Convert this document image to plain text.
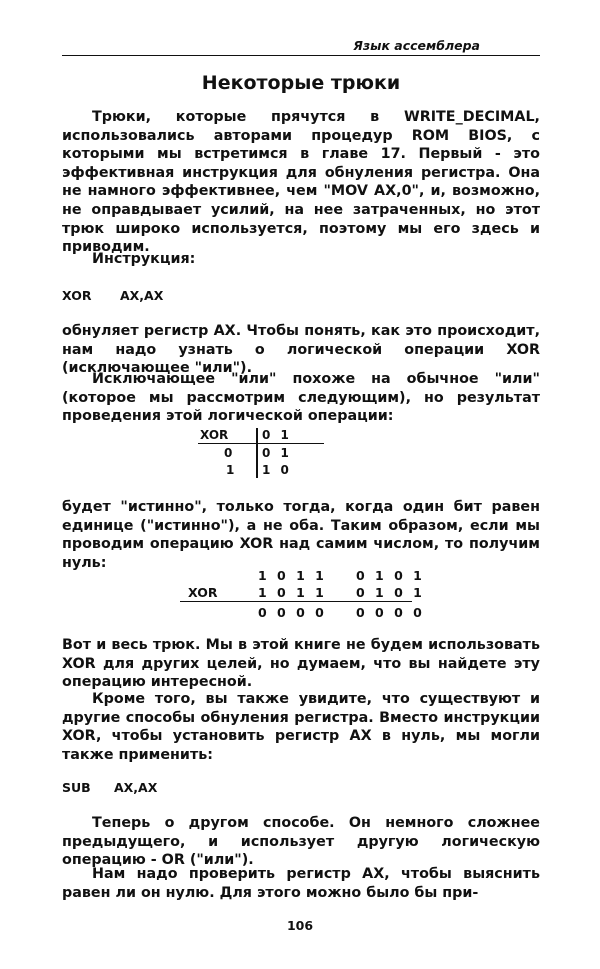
Язык ассемблера
Некоторые трюки
Трюки, которые прячутся в WRITE_DECIMAL, использовались авторами процедур ROM BIOS, с которыми мы встретимся в главе 17. Первый - это эффективная инструкция для обнуления регистра. Она не намного эффективнее, чем "MOV AX,0", и, возможно, не оправдывает усилий, на нее затраченных, но этот трюк широко используется, поэтому мы его здесь и приводим.
Инструкция:
XOR AX,AX
обнуляет регистр АХ. Чтобы понять, как это происходит, нам надо узнать о логической операции XOR (исключающее "или").
Исключающее "или" похоже на обычное "или" (которое мы рассмотрим следующим), но результат проведения этой логической операции:
XOR	0 1
0 0 1
1 1 0
будет "истинно", только тогда, когда один бит равен единице ("истинно"), а не оба. Таким образом, если мы проводим операцию XOR над самим числом, то получим нуль:
1 0 1 1 0 1 0 1
XOR	1 0 1 1 0 1 0 1
0 0 0 0 0 0 0 0
Вот и весь трюк. Мы в этой книге не будем использовать XOR для других целей, но думаем, что вы найдете эту операцию интересной.
Кроме того, вы также увидите, что существуют и другие способы обнуления регистра. Вместо инструкции XOR, чтобы установить регистр АХ в нуль, мы могли также применить:
SUB AX,AX
Теперь о другом способе. Он немного сложнее предыдущего, и использует другую логическую операцию - OR ("или").
Нам надо проверить регистр АХ, чтобы выяснить равен ли он нулю. Для этого можно было бы при-
106
